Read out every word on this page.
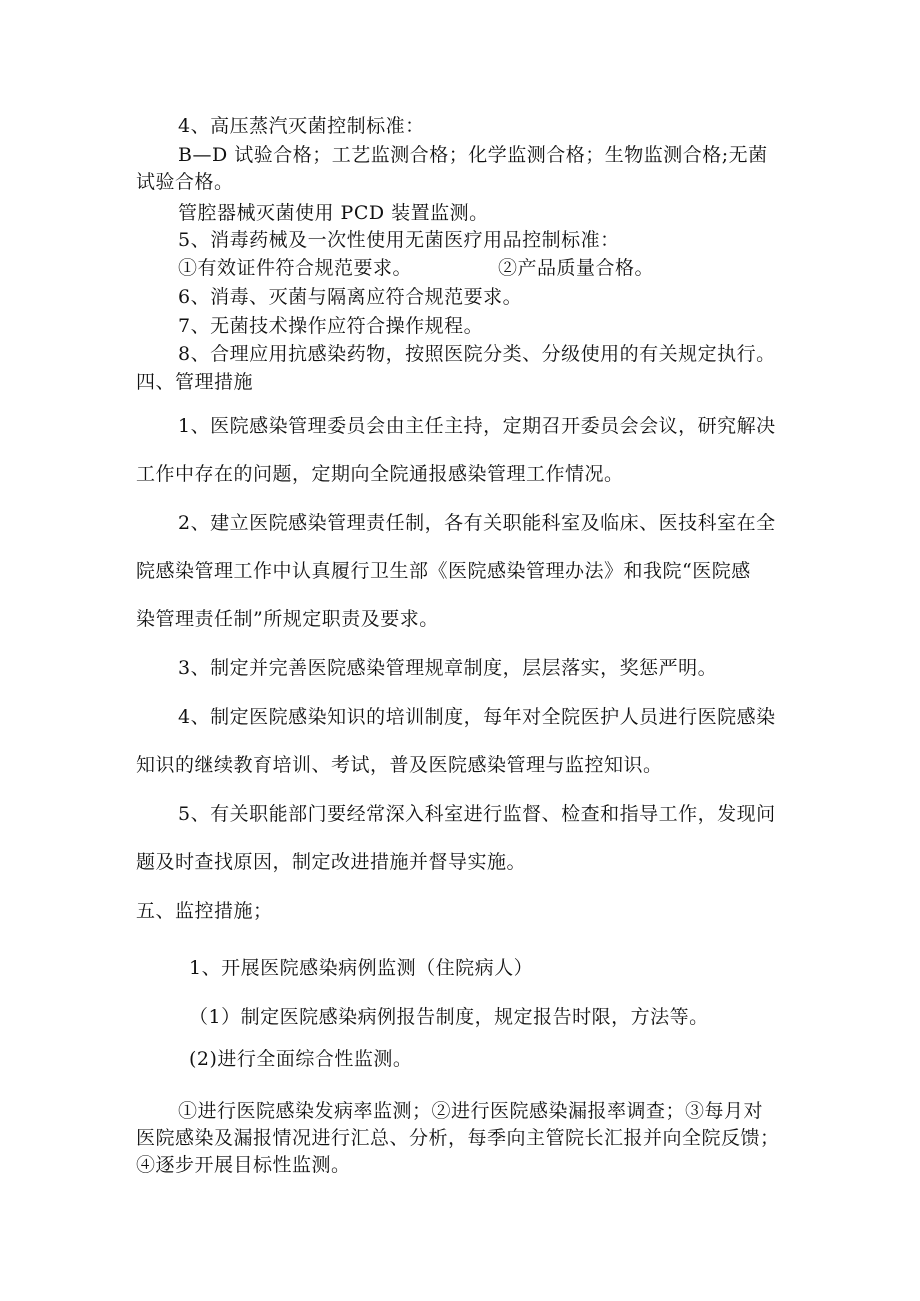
4、高压蒸汽灭菌控制标准：
B—D 试验合格；工艺监测合格；化学监测合格；生物监测合格;无菌
试验合格。
管腔器械灭菌使用 PCD 装置监测。
5、消毒药械及一次性使用无菌医疗用品控制标准：
①有效证件符合规范要求。	②产品质量合格。
6、消毒、灭菌与隔离应符合规范要求。
7、无菌技术操作应符合操作规程。
8、合理应用抗感染药物，按照医院分类、分级使用的有关规定执行。
四、管理措施
1、医院感染管理委员会由主任主持，定期召开委员会会议，研究解决
工作中存在的问题，定期向全院通报感染管理工作情况。
2、建立医院感染管理责任制，各有关职能科室及临床、医技科室在全
院感染管理工作中认真履行卫生部《医院感染管理办法》和我院“医院感
染管理责任制”所规定职责及要求。
3、制定并完善医院感染管理规章制度，层层落实，奖惩严明。
4、制定医院感染知识的培训制度，每年对全院医护人员进行医院感染
知识的继续教育培训、考试，普及医院感染管理与监控知识。
5、有关职能部门要经常深入科室进行监督、检查和指导工作，发现问
题及时查找原因，制定改进措施并督导实施。
五、监控措施；
1、开展医院感染病例监测（住院病人）
（1）制定医院感染病例报告制度，规定报告时限，方法等。
(2)进行全面综合性监测。
①进行医院感染发病率监测；②进行医院感染漏报率调查；③每月对
医院感染及漏报情况进行汇总、分析，每季向主管院长汇报并向全院反馈；
④逐步开展目标性监测。
